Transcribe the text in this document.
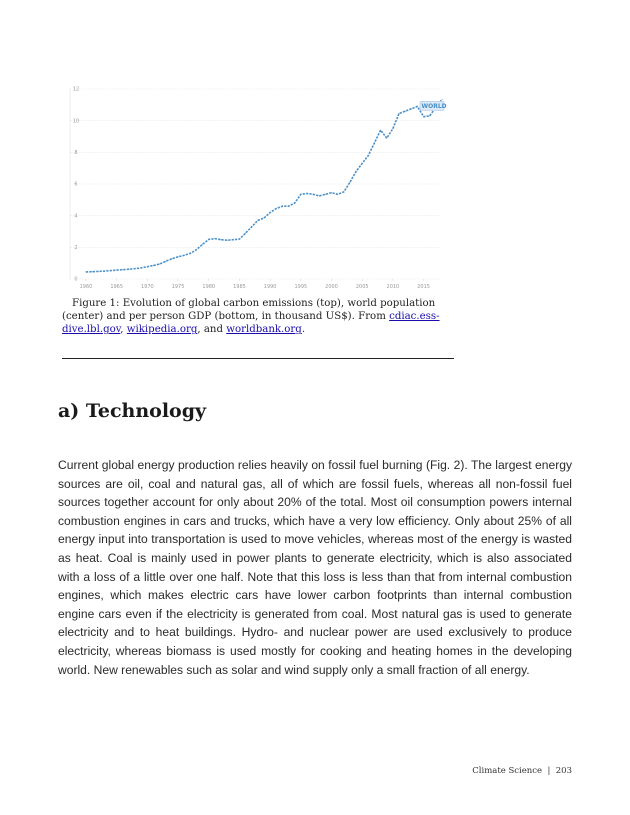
0
2
4
6
8
10
12
1960	1965	1970	1975	1980	1985	1990	1995	2000	2005	2010	2015
WORLD
Figure 1: Evolution of global carbon emissions (top), world population (center) and per person GDP (bottom, in thousand US$). From cdiac.ess-dive.lbl.gov, wikipedia.org, and worldbank.org.
a) Technology

Current global energy production relies heavily on fossil fuel burning (Fig. 2). The largest energy sources are oil, coal and natural gas, all of which are fossil fuels, whereas all non-fossil fuel sources together account for only about 20% of the total. Most oil consumption powers internal combustion engines in cars and trucks, which have a very low efficiency. Only about 25% of all energy input into transportation is used to move vehicles, whereas most of the energy is wasted as heat. Coal is mainly used in power plants to generate electricity, which is also associated with a loss of a little over one half. Note that this loss is less than that from internal combustion engines, which makes electric cars have lower carbon footprints than internal combustion engine cars even if the electricity is generated from coal. Most natural gas is used to generate electricity and to heat buildings. Hydro- and nuclear power are used exclusively to produce electricity, whereas biomass is used mostly for cooking and heating homes in the developing world. New renewables such as solar and wind supply only a small fraction of all energy.

Climate Science | 203
